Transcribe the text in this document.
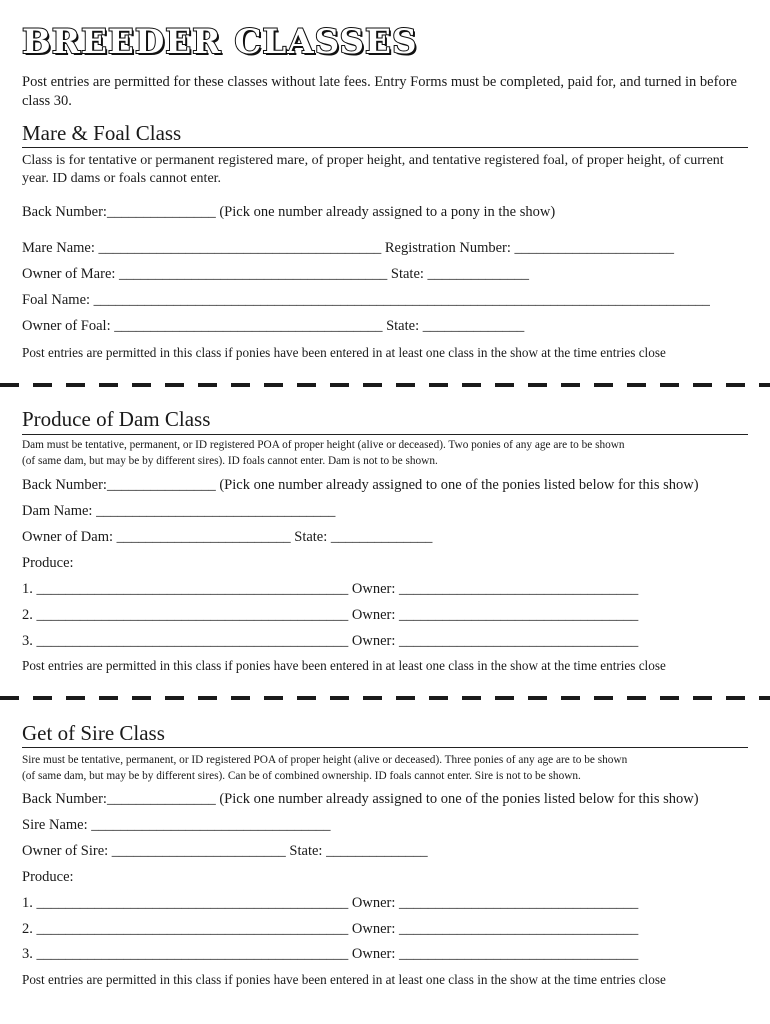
BREEDER CLASSES
Post entries are permitted for these classes without late fees. Entry Forms must be completed, paid for, and turned in before class 30.
Mare & Foal Class
Class is for tentative or permanent registered mare, of proper height, and tentative registered foal, of proper height, of current year. ID dams or foals cannot enter.
Back Number:_______________ (Pick one number already assigned to a pony in the show)
Mare Name: _______________________________________ Registration Number: ______________________
Owner of Mare: _____________________________________ State: ______________
Foal Name: _____________________________________________________________________________________
Owner of Foal: _____________________________________ State: ______________
Post entries are permitted in this class if ponies have been entered in at least one class in the show at the time entries close
Produce of Dam Class
Dam must be tentative, permanent, or ID registered POA of proper height (alive or deceased). Two ponies of any age are to be shown
(of same dam, but may be by different sires). ID foals cannot enter. Dam is not to be shown.
Back Number:_______________ (Pick one number already assigned to one of the ponies listed below for this show)
Dam Name: _________________________________
Owner of Dam: ________________________ State: ______________
Produce:
1. ___________________________________________ Owner: _________________________________
2. ___________________________________________ Owner: _________________________________
3. ___________________________________________ Owner: _________________________________
Post entries are permitted in this class if ponies have been entered in at least one class in the show at the time entries close
Get of Sire Class
Sire must be tentative, permanent, or ID registered POA of proper height (alive or deceased). Three ponies of any age are to be shown
(of same dam, but may be by different sires). Can be of combined ownership. ID foals cannot enter. Sire is not to be shown.
Back Number:_______________ (Pick one number already assigned to one of the ponies listed below for this show)
Sire Name: _________________________________
Owner of Sire: ________________________ State: ______________
Produce:
1. ___________________________________________ Owner: _________________________________
2. ___________________________________________ Owner: _________________________________
3. ___________________________________________ Owner: _________________________________
Post entries are permitted in this class if ponies have been entered in at least one class in the show at the time entries close
